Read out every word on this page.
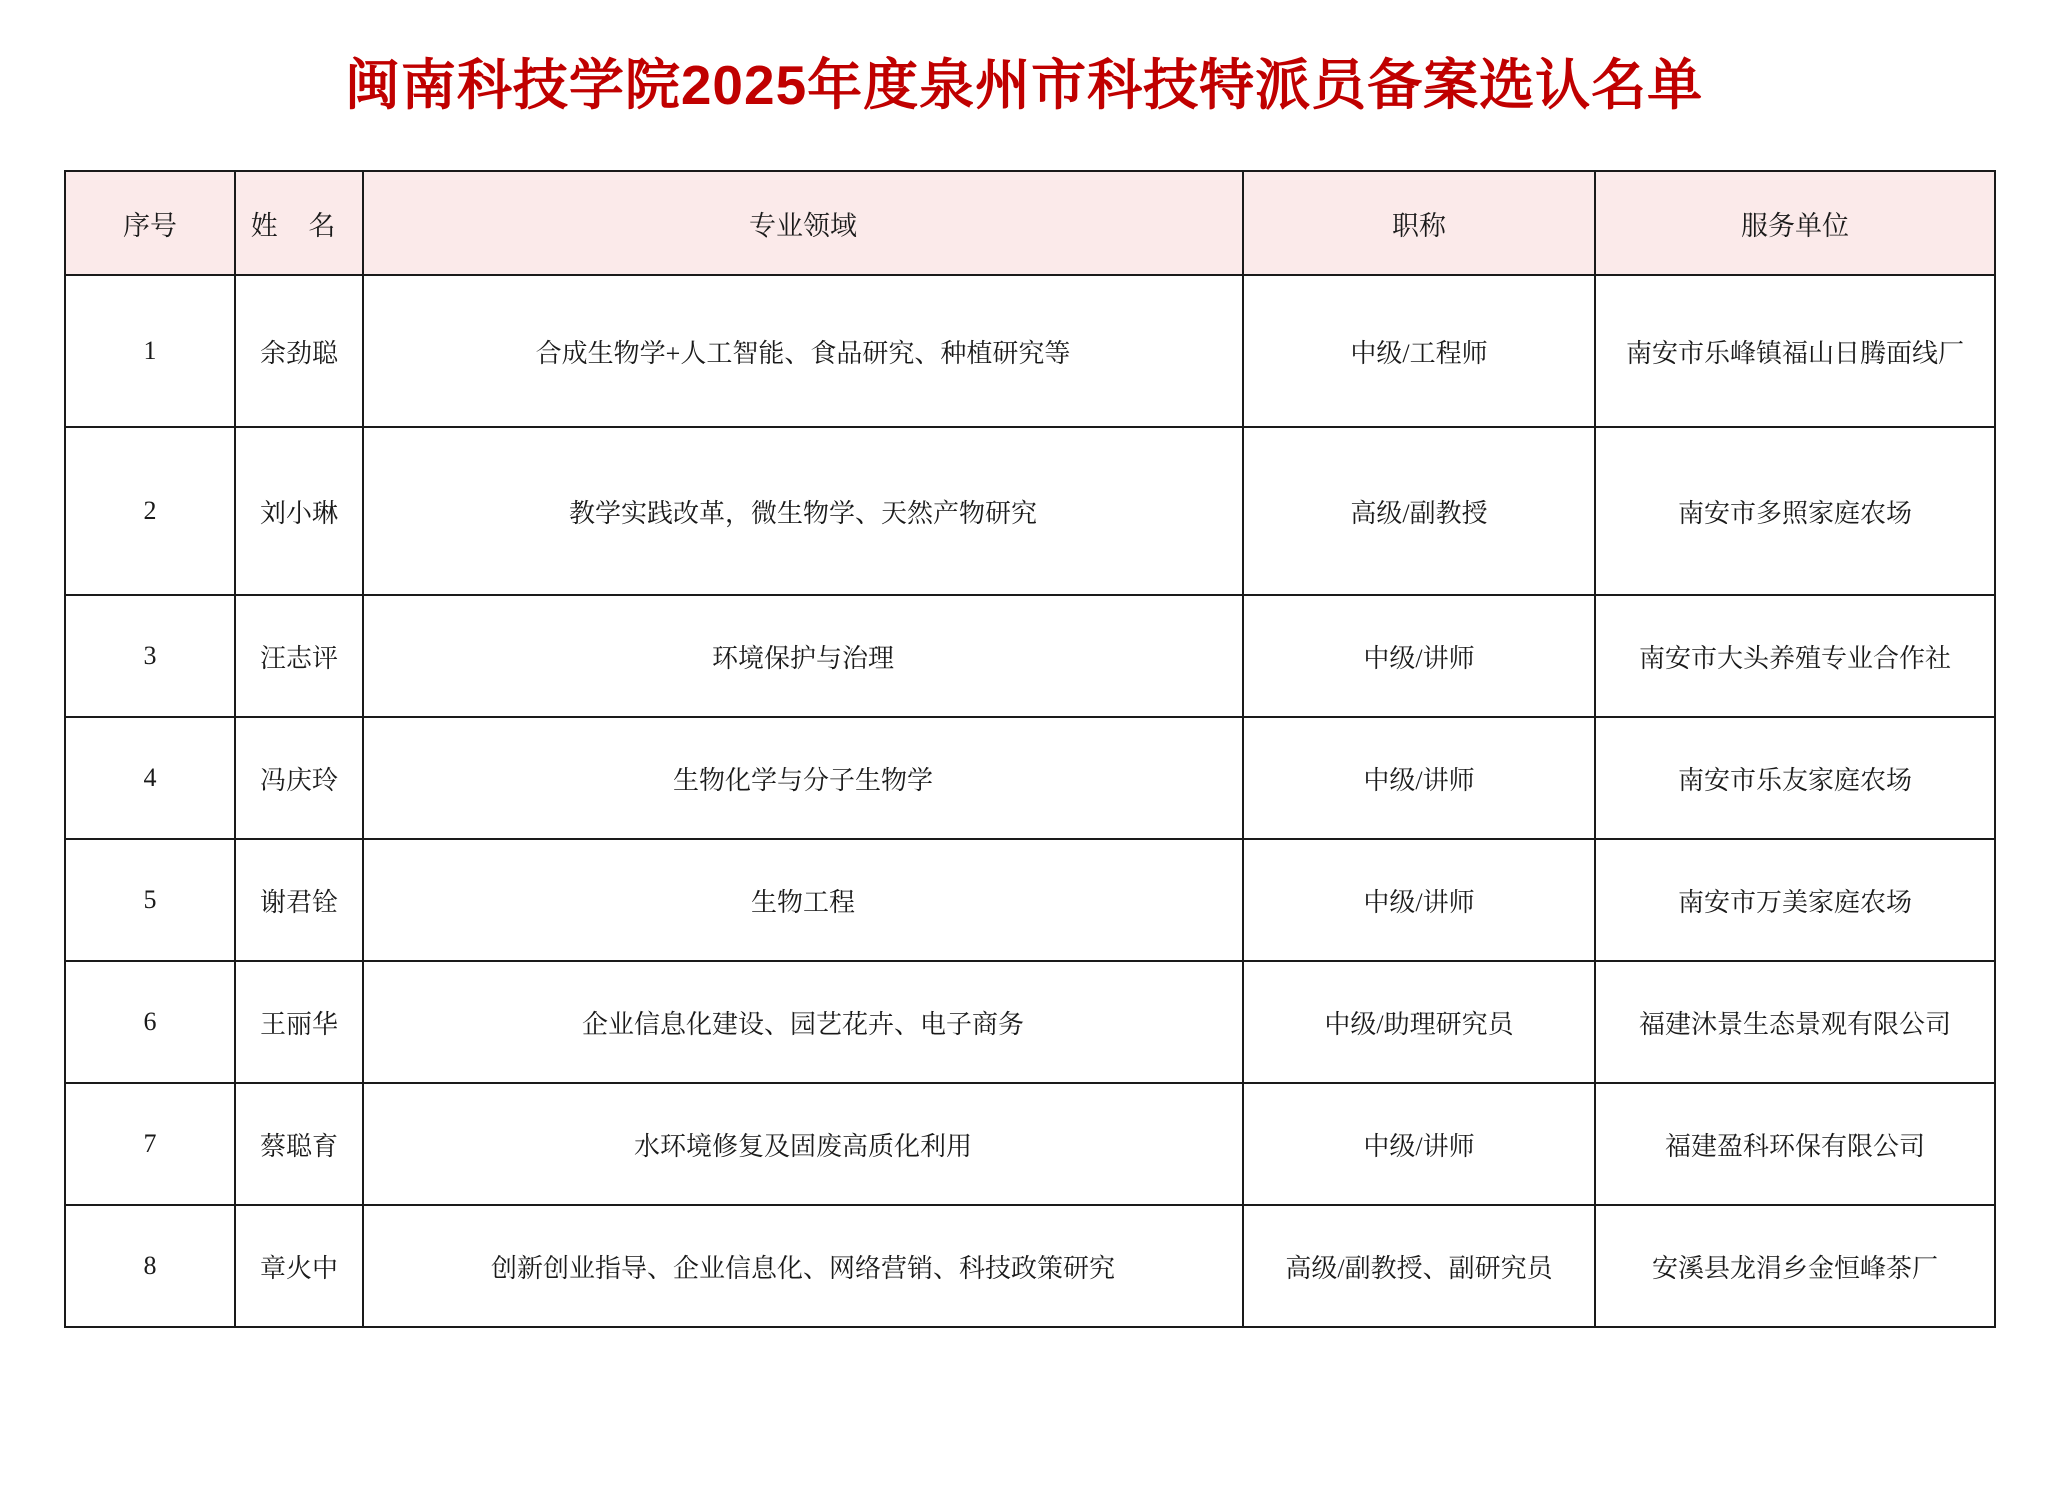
闽南科技学院2025年度泉州市科技特派员备案选认名单
序号	姓 名	专业领域	职称	服务单位
1	余劲聪	合成生物学+人工智能、食品研究、种植研究等	中级/工程师	南安市乐峰镇福山日腾面线厂
2	刘小琳	教学实践改革，微生物学、天然产物研究	高级/副教授	南安市多照家庭农场
3	汪志评	环境保护与治理	中级/讲师	南安市大头养殖专业合作社
4	冯庆玲	生物化学与分子生物学	中级/讲师	南安市乐友家庭农场
5	谢君铨	生物工程	中级/讲师	南安市万美家庭农场
6	王丽华	企业信息化建设、园艺花卉、电子商务	中级/助理研究员	福建沐景生态景观有限公司
7	蔡聪育	水环境修复及固废高质化利用	中级/讲师	福建盈科环保有限公司
8	章火中	创新创业指导、企业信息化、网络营销、科技政策研究	高级/副教授、副研究员	安溪县龙涓乡金恒峰茶厂
